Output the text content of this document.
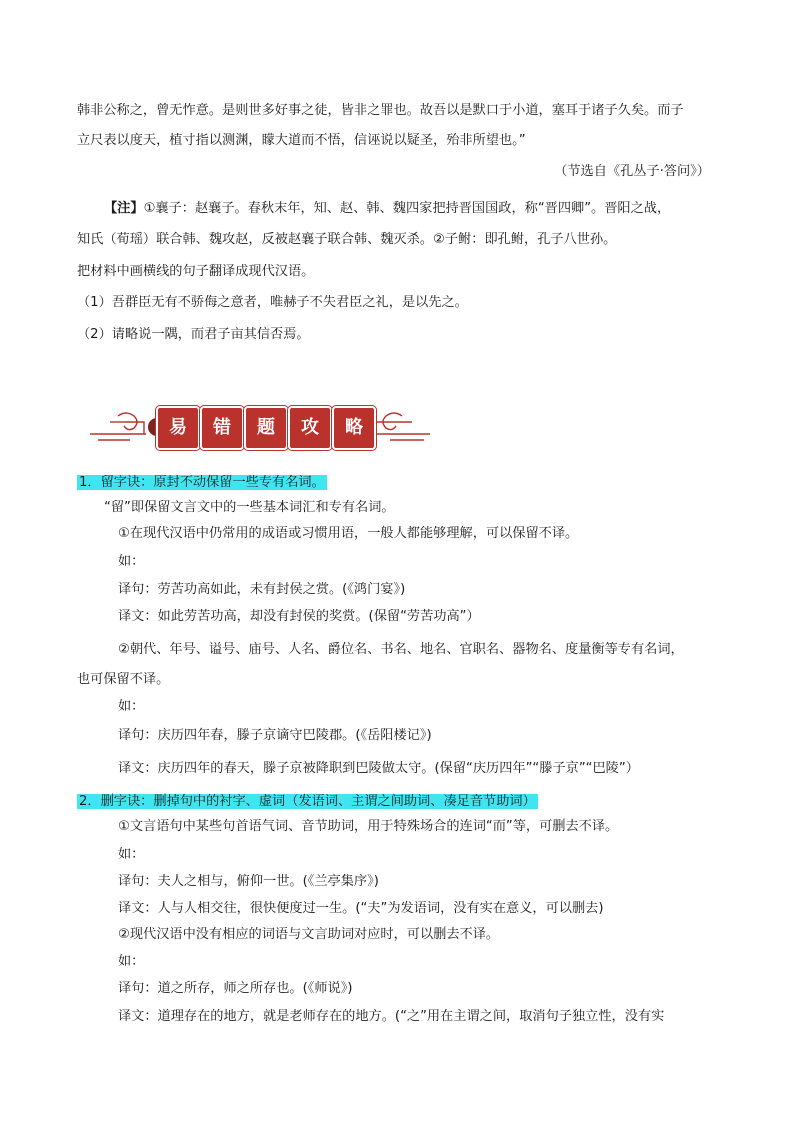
韩非公称之，曾无怍意。是则世多好事之徒，皆非之罪也。故吾以是默口于小道，塞耳于诸子久矣。而子
立尺表以度天，植寸指以测渊，矇大道而不悟，信诬说以疑圣，殆非所望也。”
（节选自《孔丛子·答问》）
【注】①襄子：赵襄子。春秋末年，知、赵、韩、魏四家把持晋国国政，称“晋四卿”。晋阳之战，
知氏（荀瑶）联合韩、魏攻赵，反被赵襄子联合韩、魏灭杀。②子鲋：即孔鲋，孔子八世孙。
把材料中画横线的句子翻译成现代汉语。
（1）吾群臣无有不骄侮之意者，唯赫子不失君臣之礼，是以先之。
（2）请略说一隅，而君子亩其信否焉。
易	错	题	攻	略
1．留字诀：原封不动保留一些专有名词。
“留”即保留文言文中的一些基本词汇和专有名词。
①在现代汉语中仍常用的成语或习惯用语，一般人都能够理解，可以保留不译。
如：
译句：劳苦功高如此，未有封侯之赏。(《鸿门宴》)
译文：如此劳苦功高，却没有封侯的奖赏。(保留“劳苦功高”）
②朝代、年号、谥号、庙号、人名、爵位名、书名、地名、官职名、器物名、度量衡等专有名词，
也可保留不译。
如：
译句：庆历四年春，滕子京谪守巴陵郡。(《岳阳楼记》)
译文：庆历四年的春天，滕子京被降职到巴陵做太守。(保留“庆历四年”“滕子京”“巴陵”）
2．删字诀：删掉句中的衬字、虚词（发语词、主谓之间助词、凑足音节助词）
①文言语句中某些句首语气词、音节助词，用于特殊场合的连词“而”等，可删去不译。
如：
译句：夫人之相与，俯仰一世。(《兰亭集序》)
译文：人与人相交往，很快便度过一生。(“夫”为发语词，没有实在意义，可以删去)
②现代汉语中没有相应的词语与文言助词对应时，可以删去不译。
如：
译句：道之所存，师之所存也。(《师说》)
译文：道理存在的地方，就是老师存在的地方。(“之”用在主谓之间，取消句子独立性，没有实
